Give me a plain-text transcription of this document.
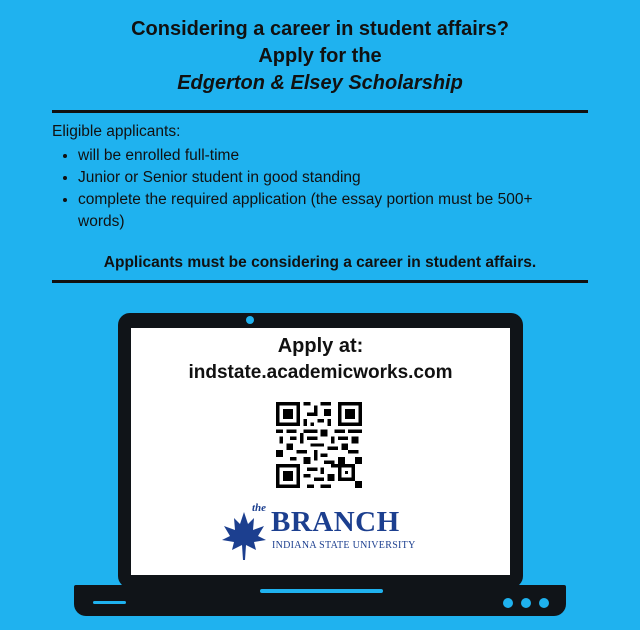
Considering a career in student affairs?
Apply for the
Edgerton & Elsey Scholarship
Eligible applicants:
• will be enrolled full-time
• Junior or Senior student in good standing
• complete the required application (the essay portion must be 500+ words)
Applicants must be considering a career in student affairs.
Apply at:
indstate.academicworks.com
the BRANCH
INDIANA STATE UNIVERSITY
